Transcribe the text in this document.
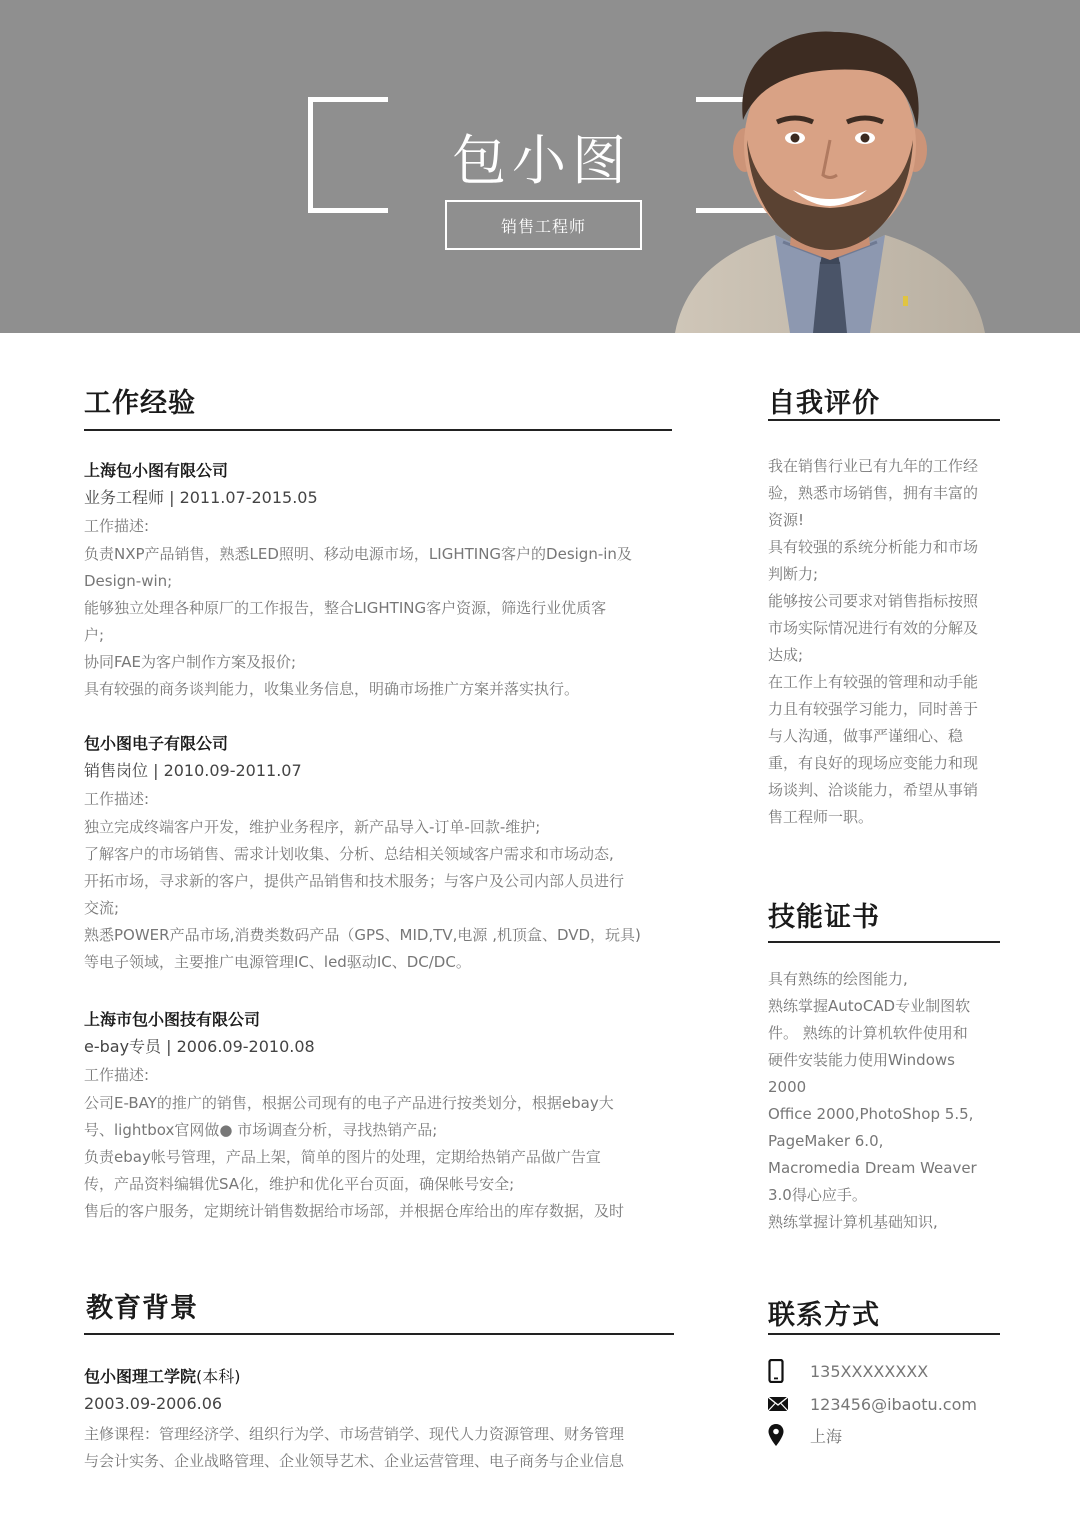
包小图
销售工程师
工作经验
上海包小图有限公司
业务工程师 | 2011.07-2015.05
工作描述:

负责NXP产品销售，熟悉LED照明、移动电源市场，LIGHTING客户的Design-in及

Design-win;

能够独立处理各种原厂的工作报告，整合LIGHTING客户资源，筛选行业优质客

户;

协同FAE为客户制作方案及报价;

具有较强的商务谈判能力，收集业务信息，明确市场推广方案并落实执行。

包小图电子有限公司
销售岗位 | 2010.09-2011.07
工作描述:

独立完成终端客户开发，维护业务程序，新产品导入-订单-回款-维护;

了解客户的市场销售、需求计划收集、分析、总结相关领域客户需求和市场动态,

开拓市场，寻求新的客户，提供产品销售和技术服务；与客户及公司内部人员进行

交流;

熟悉POWER产品市场,消费类数码产品（GPS、MID,TV,电源 ,机顶盒、DVD，玩具)

等电子领域，主要推广电源管理IC、led驱动IC、DC/DC。

上海市包小图技有限公司
e-bay专员 | 2006.09-2010.08
工作描述:

公司E-BAY的推广的销售，根据公司现有的电子产品进行按类划分，根据ebay大

号、lightbox官网做● 市场调查分析，寻找热销产品;

负责ebay帐号管理，产品上架，简单的图片的处理，定期给热销产品做广告宣

传，产品资料编辑优SA化，维护和优化平台页面，确保帐号安全;

售后的客户服务，定期统计销售数据给市场部，并根据仓库给出的库存数据，及时

教育背景
包小图理工学院(本科)
2003.09-2006.06

主修课程：管理经济学、组织行为学、市场营销学、现代人力资源管理、财务管理

与会计实务、企业战略管理、企业领导艺术、企业运营管理、电子商务与企业信息

自我评价

我在销售行业已有九年的工作经

验，熟悉市场销售，拥有丰富的

资源!

具有较强的系统分析能力和市场

判断力;

能够按公司要求对销售指标按照

市场实际情况进行有效的分解及

达成;

在工作上有较强的管理和动手能

力且有较强学习能力，同时善于

与人沟通，做事严谨细心、稳

重，有良好的现场应变能力和现

场谈判、洽谈能力，希望从事销

售工程师一职。

技能证书

具有熟练的绘图能力,

熟练掌握AutoCAD专业制图软

件。 熟练的计算机软件使用和

硬件安装能力使用Windows

2000

Office 2000,PhotoShop 5.5,

PageMaker 6.0,

Macromedia Dream Weaver

3.0得心应手。

熟练掌握计算机基础知识,

联系方式
135XXXXXXXX
123456@ibaotu.com
上海
